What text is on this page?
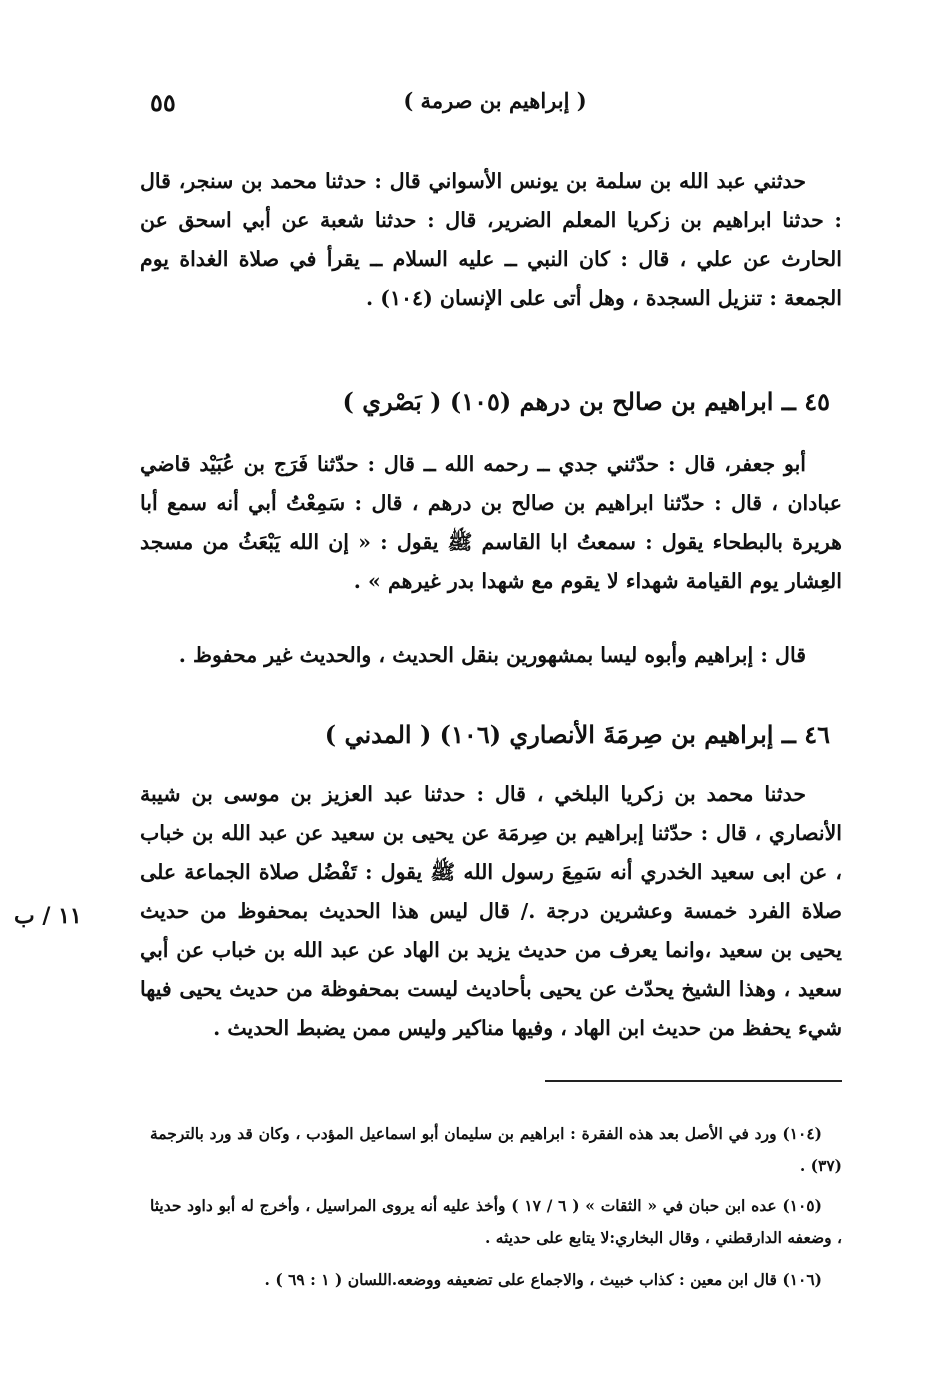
( إبراهيم بن صرمة )
٥٥

حدثني عبد الله بن سلمة بن يونس الأسواني قال : حدثنا محمد بن سنجر، قال : حدثنا ابراهيم بن زكريا المعلم الضرير، قال : حدثنا شعبة عن أبي اسحق عن الحارث عن علي ، قال : كان النبي ــ عليه السلام ــ يقرأ في صلاة الغداة يوم الجمعة : تنزيل السجدة ، وهل أتى على الإنسان (١٠٤) .

٤٥ ــ ابراهيم بن صالح بن درهم (١٠٥) ( بَصْري )

أبو جعفر، قال : حدّثني جدي ــ رحمه الله ــ قال : حدّثنا فَرَج بن عُبَيْد قاضي عبادان ، قال : حدّثنا ابراهيم بن صالح بن درهم ، قال : سَمِعْتُ أبي أنه سمع أبا هريرة بالبطحاء يقول : سمعتُ ابا القاسم ﷺ يقول : « إن الله يَبْعَثُ من مسجد العِشار يوم القيامة شهداء لا يقوم مع شهدا بدر غيرهم » .

قال : إبراهيم وأبوه ليسا بمشهورين بنقل الحديث ، والحديث غير محفوظ .

٤٦ ــ إبراهيم بن صِرمَةَ الأنصاري (١٠٦) ( المدني )

حدثنا محمد بن زكريا البلخي ، قال : حدثنا عبد العزيز بن موسى بن شيبة الأنصاري ، قال : حدّثنا إبراهيم بن صِرمَة عن يحيى بن سعيد عن عبد الله بن خباب ، عن ابى سعيد الخدري أنه سَمِعَ رسول الله ﷺ يقول : تَفْضُل صلاة الجماعة على صلاة الفرد خمسة وعشرين درجة ./ قال ليس هذا الحديث بمحفوظ من حديث يحيى بن سعيد ،وانما يعرف من حديث يزيد بن الهاد عن عبد الله بن خباب عن أبي سعيد ، وهذا الشيخ يحدّث عن يحيى بأحاديث ليست بمحفوظة من حديث يحيى فيها شيء يحفظ من حديث ابن الهاد ، وفيها مناكير وليس ممن يضبط الحديث .

١١ / ب

(١٠٤) ورد في الأصل بعد هذه الفقرة : ابراهيم بن سليمان أبو اسماعيل المؤدب ، وكان قد ورد بالترجمة (٣٧) .

(١٠٥) عده ابن حبان في « الثقات » ( ٦ / ١٧ ) وأخذ عليه أنه يروى المراسيل ، وأخرج له أبو داود حديثا ، وضعفه الدارقطني ، وقال البخاري:لا يتابع على حديثه .

(١٠٦) قال ابن معين : كذاب خبيث ، والاجماع على تضعيفه ووضعه.اللسان ( ١ : ٦٩ ) .
